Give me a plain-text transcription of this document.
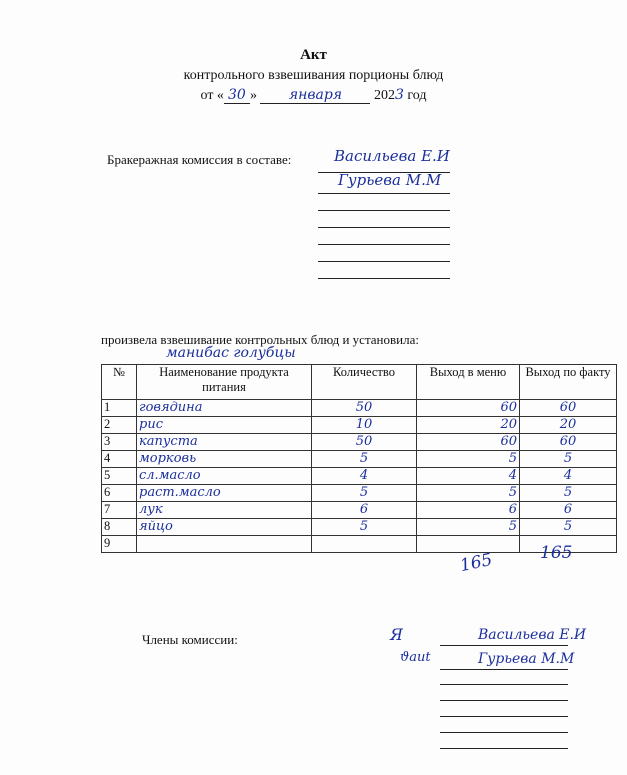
Акт
контрольного взвешивания порционы блюд
от « 30 » января 2023 год
Бракеражная комиссия в составе:	Васильева Е.И
Гурьева М.М
произвела взвешивание контрольных блюд и установила:
манибас голубцы
№	Наименование продукта питания	Количество	Выход в меню	Выход по факту
1	говядина	50	60	60
2	рис	10	20	20
3	капуста	50	60	60
4	морковь	5	5	5
5	сл.масло	4	4	4
6	раст.масло	5	5	5
7	лук	6	6	6
8	яйцо	5	5	5
9				
165	165
Члены комиссии:	Я
ϑaut
Васильева Е.И
Гурьева М.М
